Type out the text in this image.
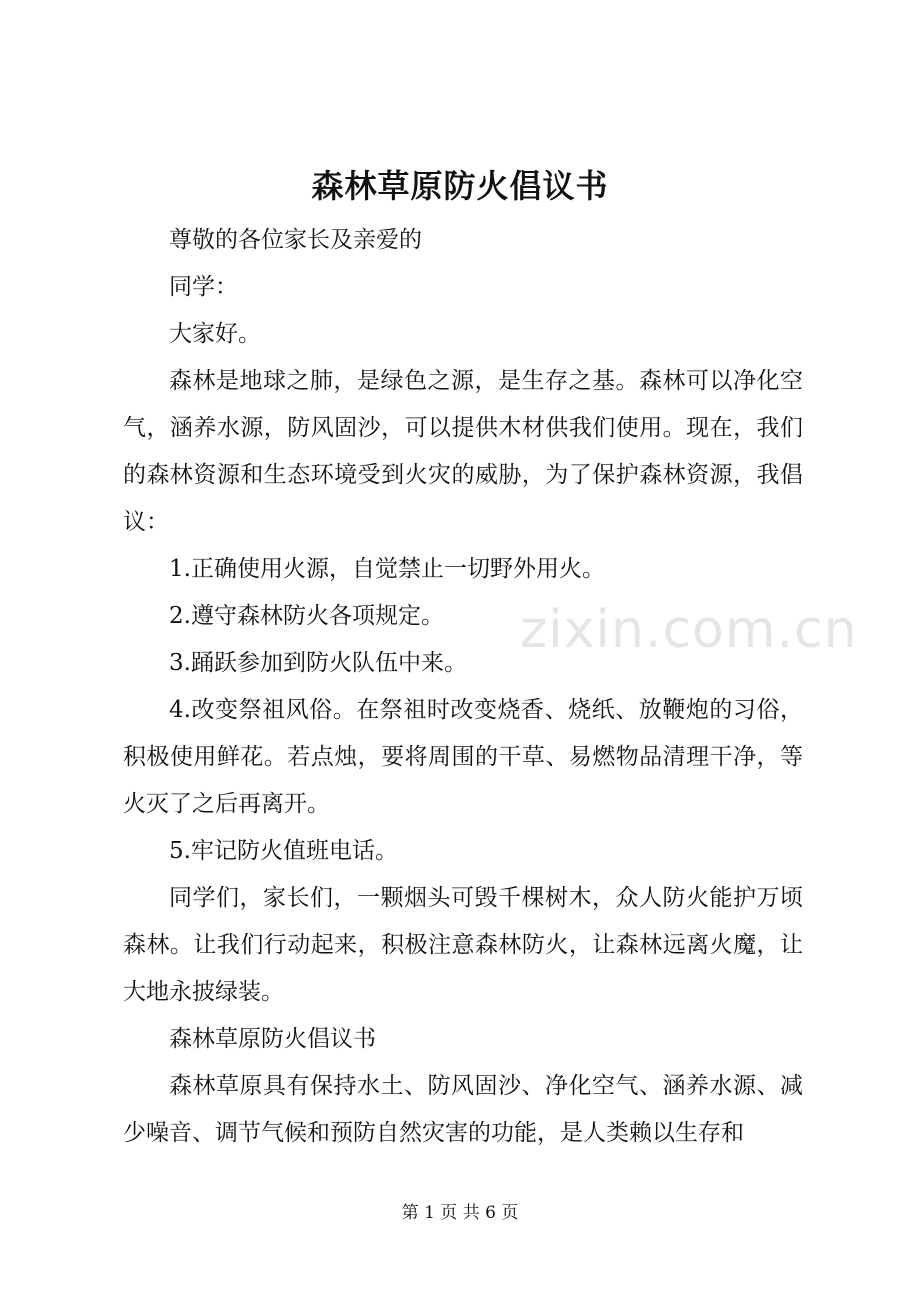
森林草原防火倡议书

尊敬的各位家长及亲爱的

同学：

大家好。

森林是地球之肺，是绿色之源，是生存之基。森林可以净化空气，涵养水源，防风固沙，可以提供木材供我们使用。现在，我们的森林资源和生态环境受到火灾的威胁，为了保护森林资源，我倡议：

1.正确使用火源，自觉禁止一切野外用火。

2.遵守森林防火各项规定。

3.踊跃参加到防火队伍中来。

4.改变祭祖风俗。在祭祖时改变烧香、烧纸、放鞭炮的习俗，积极使用鲜花。若点烛，要将周围的干草、易燃物品清理干净，等火灭了之后再离开。

5.牢记防火值班电话。

同学们，家长们，一颗烟头可毁千棵树木，众人防火能护万顷森林。让我们行动起来，积极注意森林防火，让森林远离火魔，让大地永披绿装。

森林草原防火倡议书

森林草原具有保持水土、防风固沙、净化空气、涵养水源、减少噪音、调节气候和预防自然灾害的功能，是人类赖以生存和

zixin.com.cn
第 1 页 共 6 页
